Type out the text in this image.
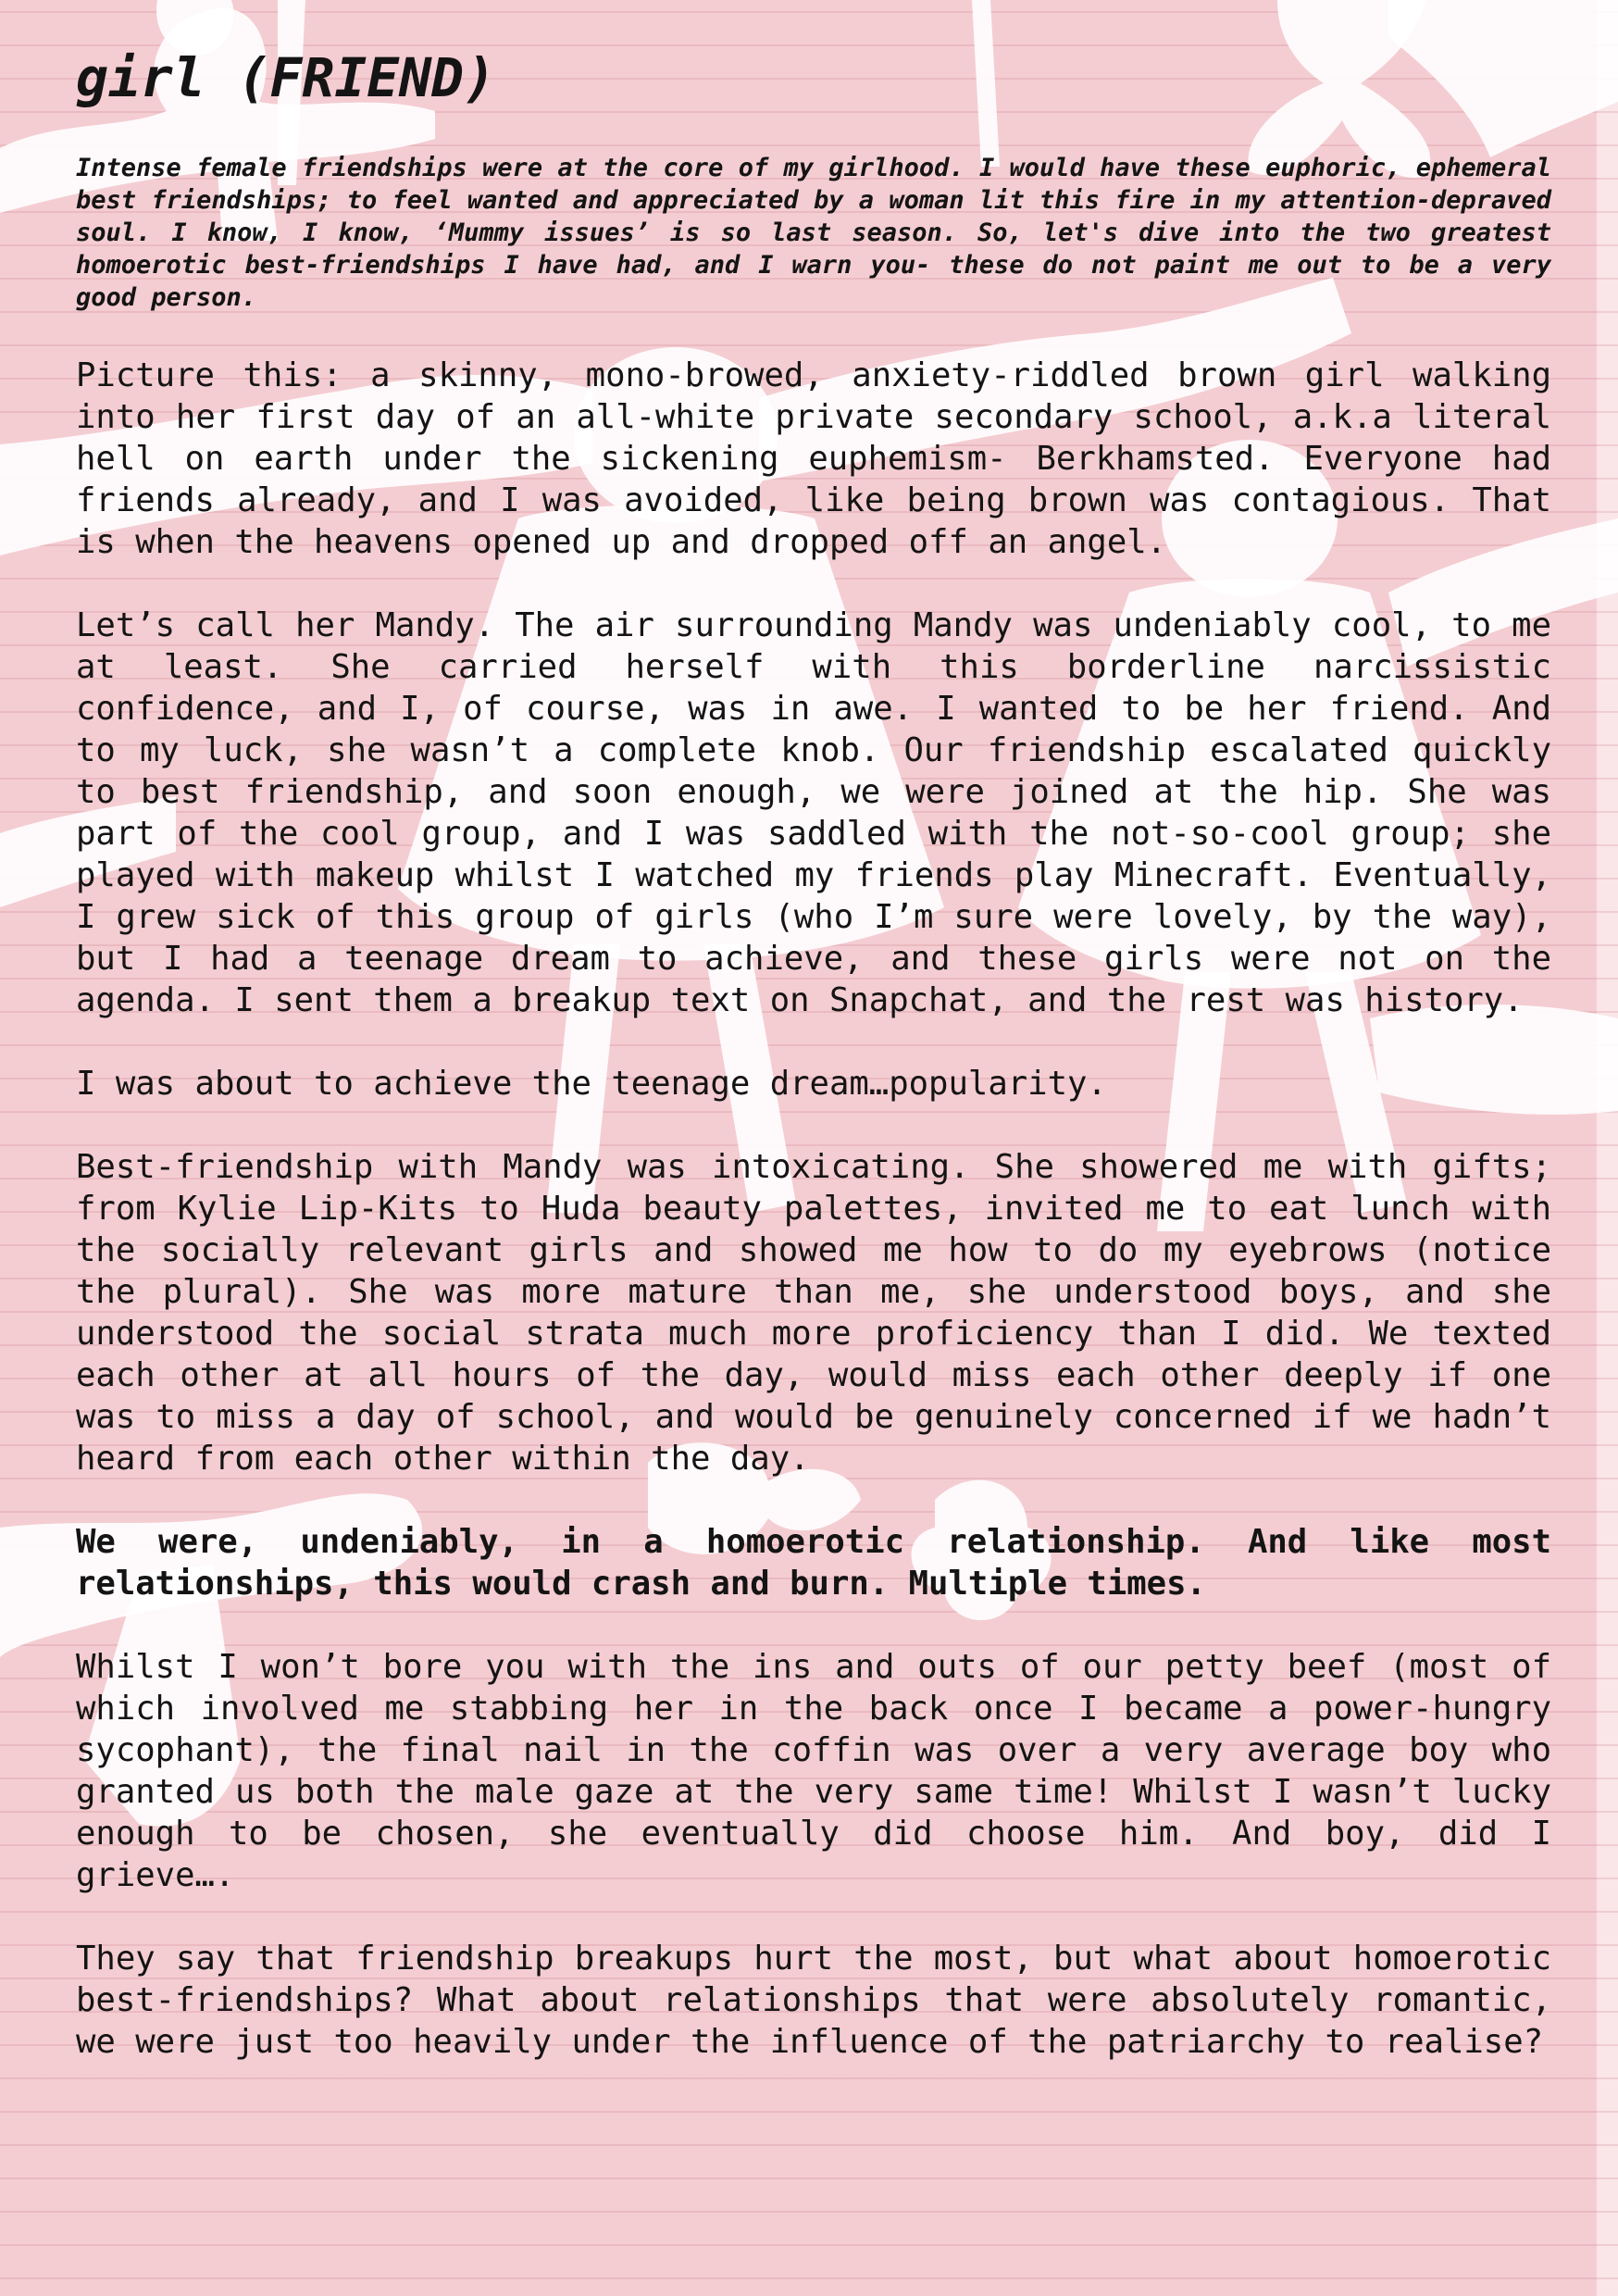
girl (FRIEND)

Intense female friendships were at the core of my girlhood. I would have these euphoric, ephemeral best friendships; to feel wanted and appreciated by a woman lit this fire in my attention-depraved soul. I know, I know, ‘Mummy issues’ is so last season. So, let's dive into the two greatest homoerotic best-friendships I have had, and I warn you- these do not paint me out to be a very good person.

Picture this: a skinny, mono-browed, anxiety-riddled brown girl walking into her first day of an all-white private secondary school, a.k.a literal hell on earth under the sickening euphemism- Berkhamsted. Everyone had friends already, and I was avoided, like being brown was contagious. That is when the heavens opened up and dropped off an angel.

Let’s call her Mandy. The air surrounding Mandy was undeniably cool, to me at least. She carried herself with this borderline narcissistic confidence, and I, of course, was in awe. I wanted to be her friend. And to my luck, she wasn’t a complete knob. Our friendship escalated quickly to best friendship, and soon enough, we were joined at the hip. She was part of the cool group, and I was saddled with the not-so-cool group; she played with makeup whilst I watched my friends play Minecraft. Eventually, I grew sick of this group of girls (who I’m sure were lovely, by the way), but I had a teenage dream to achieve, and these girls were not on the agenda. I sent them a breakup text on Snapchat, and the rest was history.

I was about to achieve the teenage dream…popularity.

Best-friendship with Mandy was intoxicating. She showered me with gifts; from Kylie Lip-Kits to Huda beauty palettes, invited me to eat lunch with the socially relevant girls and showed me how to do my eyebrows (notice the plural). She was more mature than me, she understood boys, and she understood the social strata much more proficiency than I did. We texted each other at all hours of the day, would miss each other deeply if one was to miss a day of school, and would be genuinely concerned if we hadn’t heard from each other within the day.

We were, undeniably, in a homoerotic relationship. And like most relationships, this would crash and burn. Multiple times.

Whilst I won’t bore you with the ins and outs of our petty beef (most of which involved me stabbing her in the back once I became a power-hungry sycophant), the final nail in the coffin was over a very average boy who granted us both the male gaze at the very same time! Whilst I wasn’t lucky enough to be chosen, she eventually did choose him. And boy, did I grieve….

They say that friendship breakups hurt the most, but what about homoerotic best-friendships? What about relationships that were absolutely romantic, we were just too heavily under the influence of the patriarchy to realise?
